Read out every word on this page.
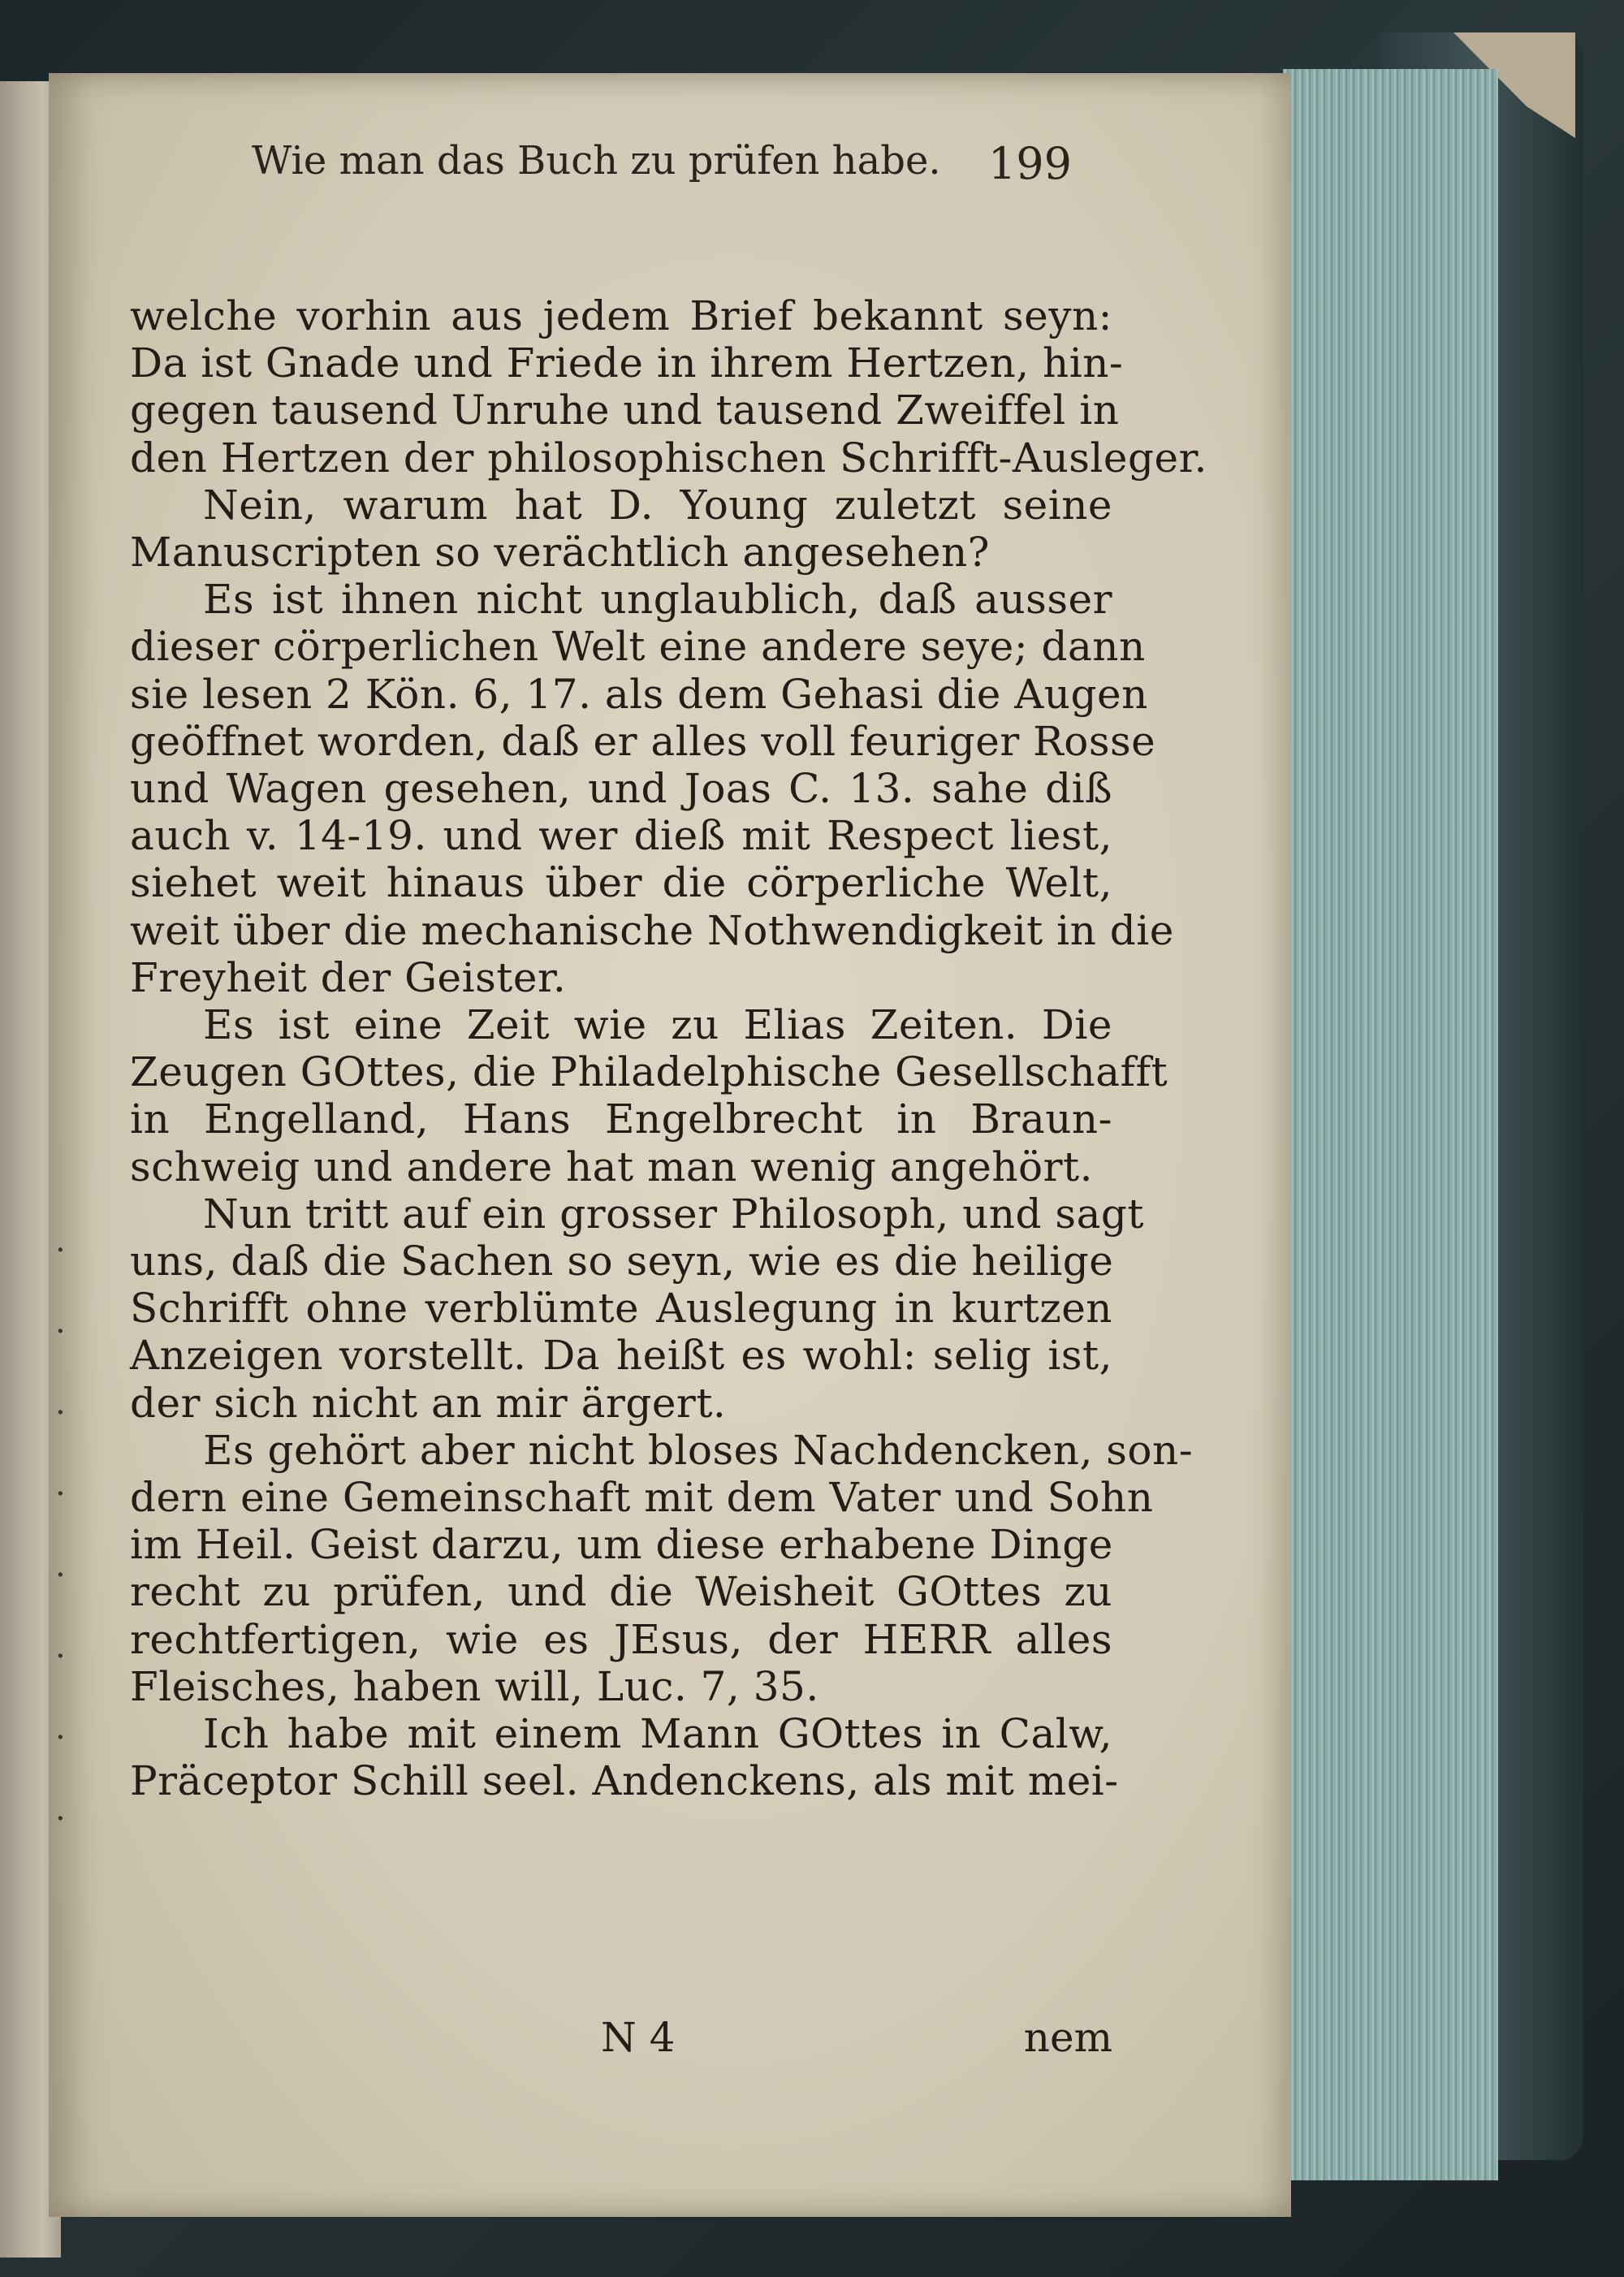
·
·
·
·
·
·
·
·
Wie man das Buch zu prüfen habe. 199
welche vorhin aus jedem Brief bekannt seyn:
Da ist Gnade und Friede in ihrem Hertzen, hin-
gegen tausend Unruhe und tausend Zweiffel in
den Hertzen der philosophischen Schrifft-Ausleger.
Nein, warum hat D. Young zuletzt seine
Manuscripten so verächtlich angesehen?
Es ist ihnen nicht unglaublich, daß ausser
dieser cörperlichen Welt eine andere seye; dann
sie lesen 2 Kön. 6, 17. als dem Gehasi die Augen
geöffnet worden, daß er alles voll feuriger Rosse
und Wagen gesehen, und Joas C. 13. sahe diß
auch v. 14-19. und wer dieß mit Respect liest,
siehet weit hinaus über die cörperliche Welt,
weit über die mechanische Nothwendigkeit in die
Freyheit der Geister.
Es ist eine Zeit wie zu Elias Zeiten. Die
Zeugen GOttes, die Philadelphische Gesellschafft
in Engelland, Hans Engelbrecht in Braun-
schweig und andere hat man wenig angehört.
Nun tritt auf ein grosser Philosoph, und sagt
uns, daß die Sachen so seyn, wie es die heilige
Schrifft ohne verblümte Auslegung in kurtzen
Anzeigen vorstellt. Da heißt es wohl: selig ist,
der sich nicht an mir ärgert.
Es gehört aber nicht bloses Nachdencken, son-
dern eine Gemeinschaft mit dem Vater und Sohn
im Heil. Geist darzu, um diese erhabene Dinge
recht zu prüfen, und die Weisheit GOttes zu
rechtfertigen, wie es JEsus, der HERR alles
Fleisches, haben will, Luc. 7, 35.
Ich habe mit einem Mann GOttes in Calw,
Präceptor Schill seel. Andenckens, als mit mei-
N 4	nem
